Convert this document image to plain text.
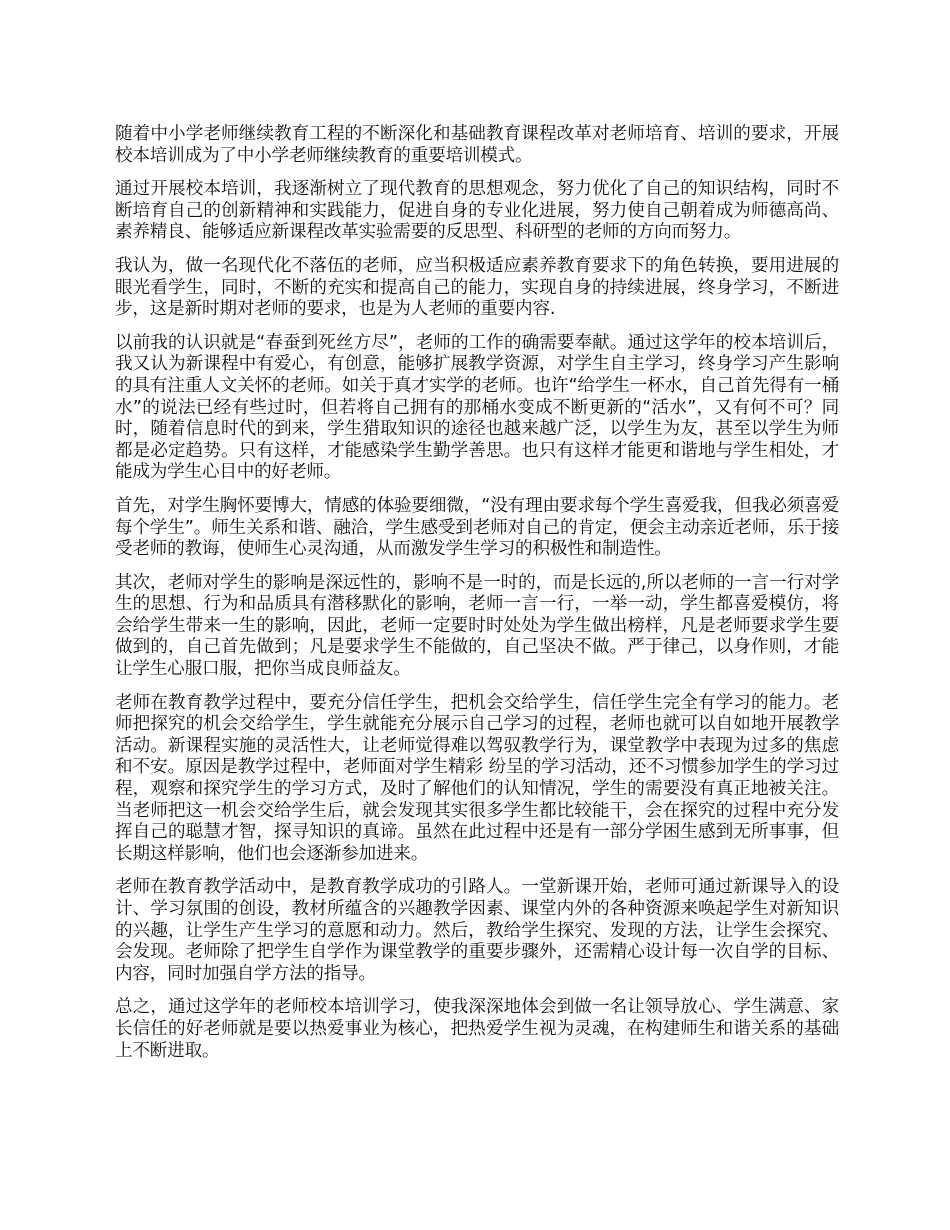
随着中小学老师继续教育工程的不断深化和基础教育课程改革对老师培育、培训的要求，开展校本培训成为了中小学老师继续教育的重要培训模式。

通过开展校本培训，我逐渐树立了现代教育的思想观念，努力优化了自己的知识结构，同时不断培育自己的创新精神和实践能力，促进自身的专业化进展，努力使自己朝着成为师德高尚、素养精良、能够适应新课程改革实验需要的反思型、科研型的老师的方向而努力。

我认为，做一名现代化不落伍的老师，应当积极适应素养教育要求下的角色转换，要用进展的眼光看学生，同时，不断的充实和提高自己的能力，实现自身的持续进展，终身学习，不断进步，这是新时期对老师的要求，也是为人老师的重要内容.

以前我的认识就是“春蚕到死丝方尽”，老师的工作的确需要奉献。通过这学年的校本培训后，我又认为新课程中有爱心，有创意，能够扩展教学资源，对学生自主学习，终身学习产生影响的具有注重人文关怀的老师。如关于真才实学的老师。也许“给学生一杯水，自己首先得有一桶水”的说法已经有些过时，但若将自己拥有的那桶水变成不断更新的“活水”，又有何不可？同时，随着信息时代的到来，学生猎取知识的途径也越来越广泛，以学生为友，甚至以学生为师都是必定趋势。只有这样，才能感染学生勤学善思。也只有这样才能更和谐地与学生相处，才能成为学生心目中的好老师。

首先，对学生胸怀要博大，情感的体验要细微，“没有理由要求每个学生喜爱我，但我必须喜爱每个学生”。师生关系和谐、融洽，学生感受到老师对自己的肯定，便会主动亲近老师，乐于接受老师的教诲，使师生心灵沟通，从而激发学生学习的积极性和制造性。

其次，老师对学生的影响是深远性的，影响不是一时的，而是长远的,所以老师的一言一行对学生的思想、行为和品质具有潜移默化的影响，老师一言一行，一举一动，学生都喜爱模仿，将会给学生带来一生的影响，因此，老师一定要时时处处为学生做出榜样，凡是老师要求学生要做到的，自己首先做到；凡是要求学生不能做的，自己坚决不做。严于律己，以身作则，才能让学生心服口服，把你当成良师益友。

老师在教育教学过程中，要充分信任学生，把机会交给学生，信任学生完全有学习的能力。老师把探究的机会交给学生，学生就能充分展示自己学习的过程，老师也就可以自如地开展教学活动。新课程实施的灵活性大，让老师觉得难以驾驭教学行为，课堂教学中表现为过多的焦虑和不安。原因是教学过程中，老师面对学生精彩 纷呈的学习活动，还不习惯参加学生的学习过程，观察和探究学生的学习方式，及时了解他们的认知情况，学生的需要没有真正地被关注。当老师把这一机会交给学生后，就会发现其实很多学生都比较能干，会在探究的过程中充分发挥自己的聪慧才智，探寻知识的真谛。虽然在此过程中还是有一部分学困生感到无所事事，但长期这样影响，他们也会逐渐参加进来。

老师在教育教学活动中，是教育教学成功的引路人。一堂新课开始，老师可通过新课导入的设计、学习氛围的创设，教材所蕴含的兴趣教学因素、课堂内外的各种资源来唤起学生对新知识的兴趣，让学生产生学习的意愿和动力。然后，教给学生探究、发现的方法，让学生会探究、会发现。老师除了把学生自学作为课堂教学的重要步骤外，还需精心设计每一次自学的目标、内容，同时加强自学方法的指导。

总之，通过这学年的老师校本培训学习，使我深深地体会到做一名让领导放心、学生满意、家长信任的好老师就是要以热爱事业为核心，把热爱学生视为灵魂，在构建师生和谐关系的基础上不断进取。
